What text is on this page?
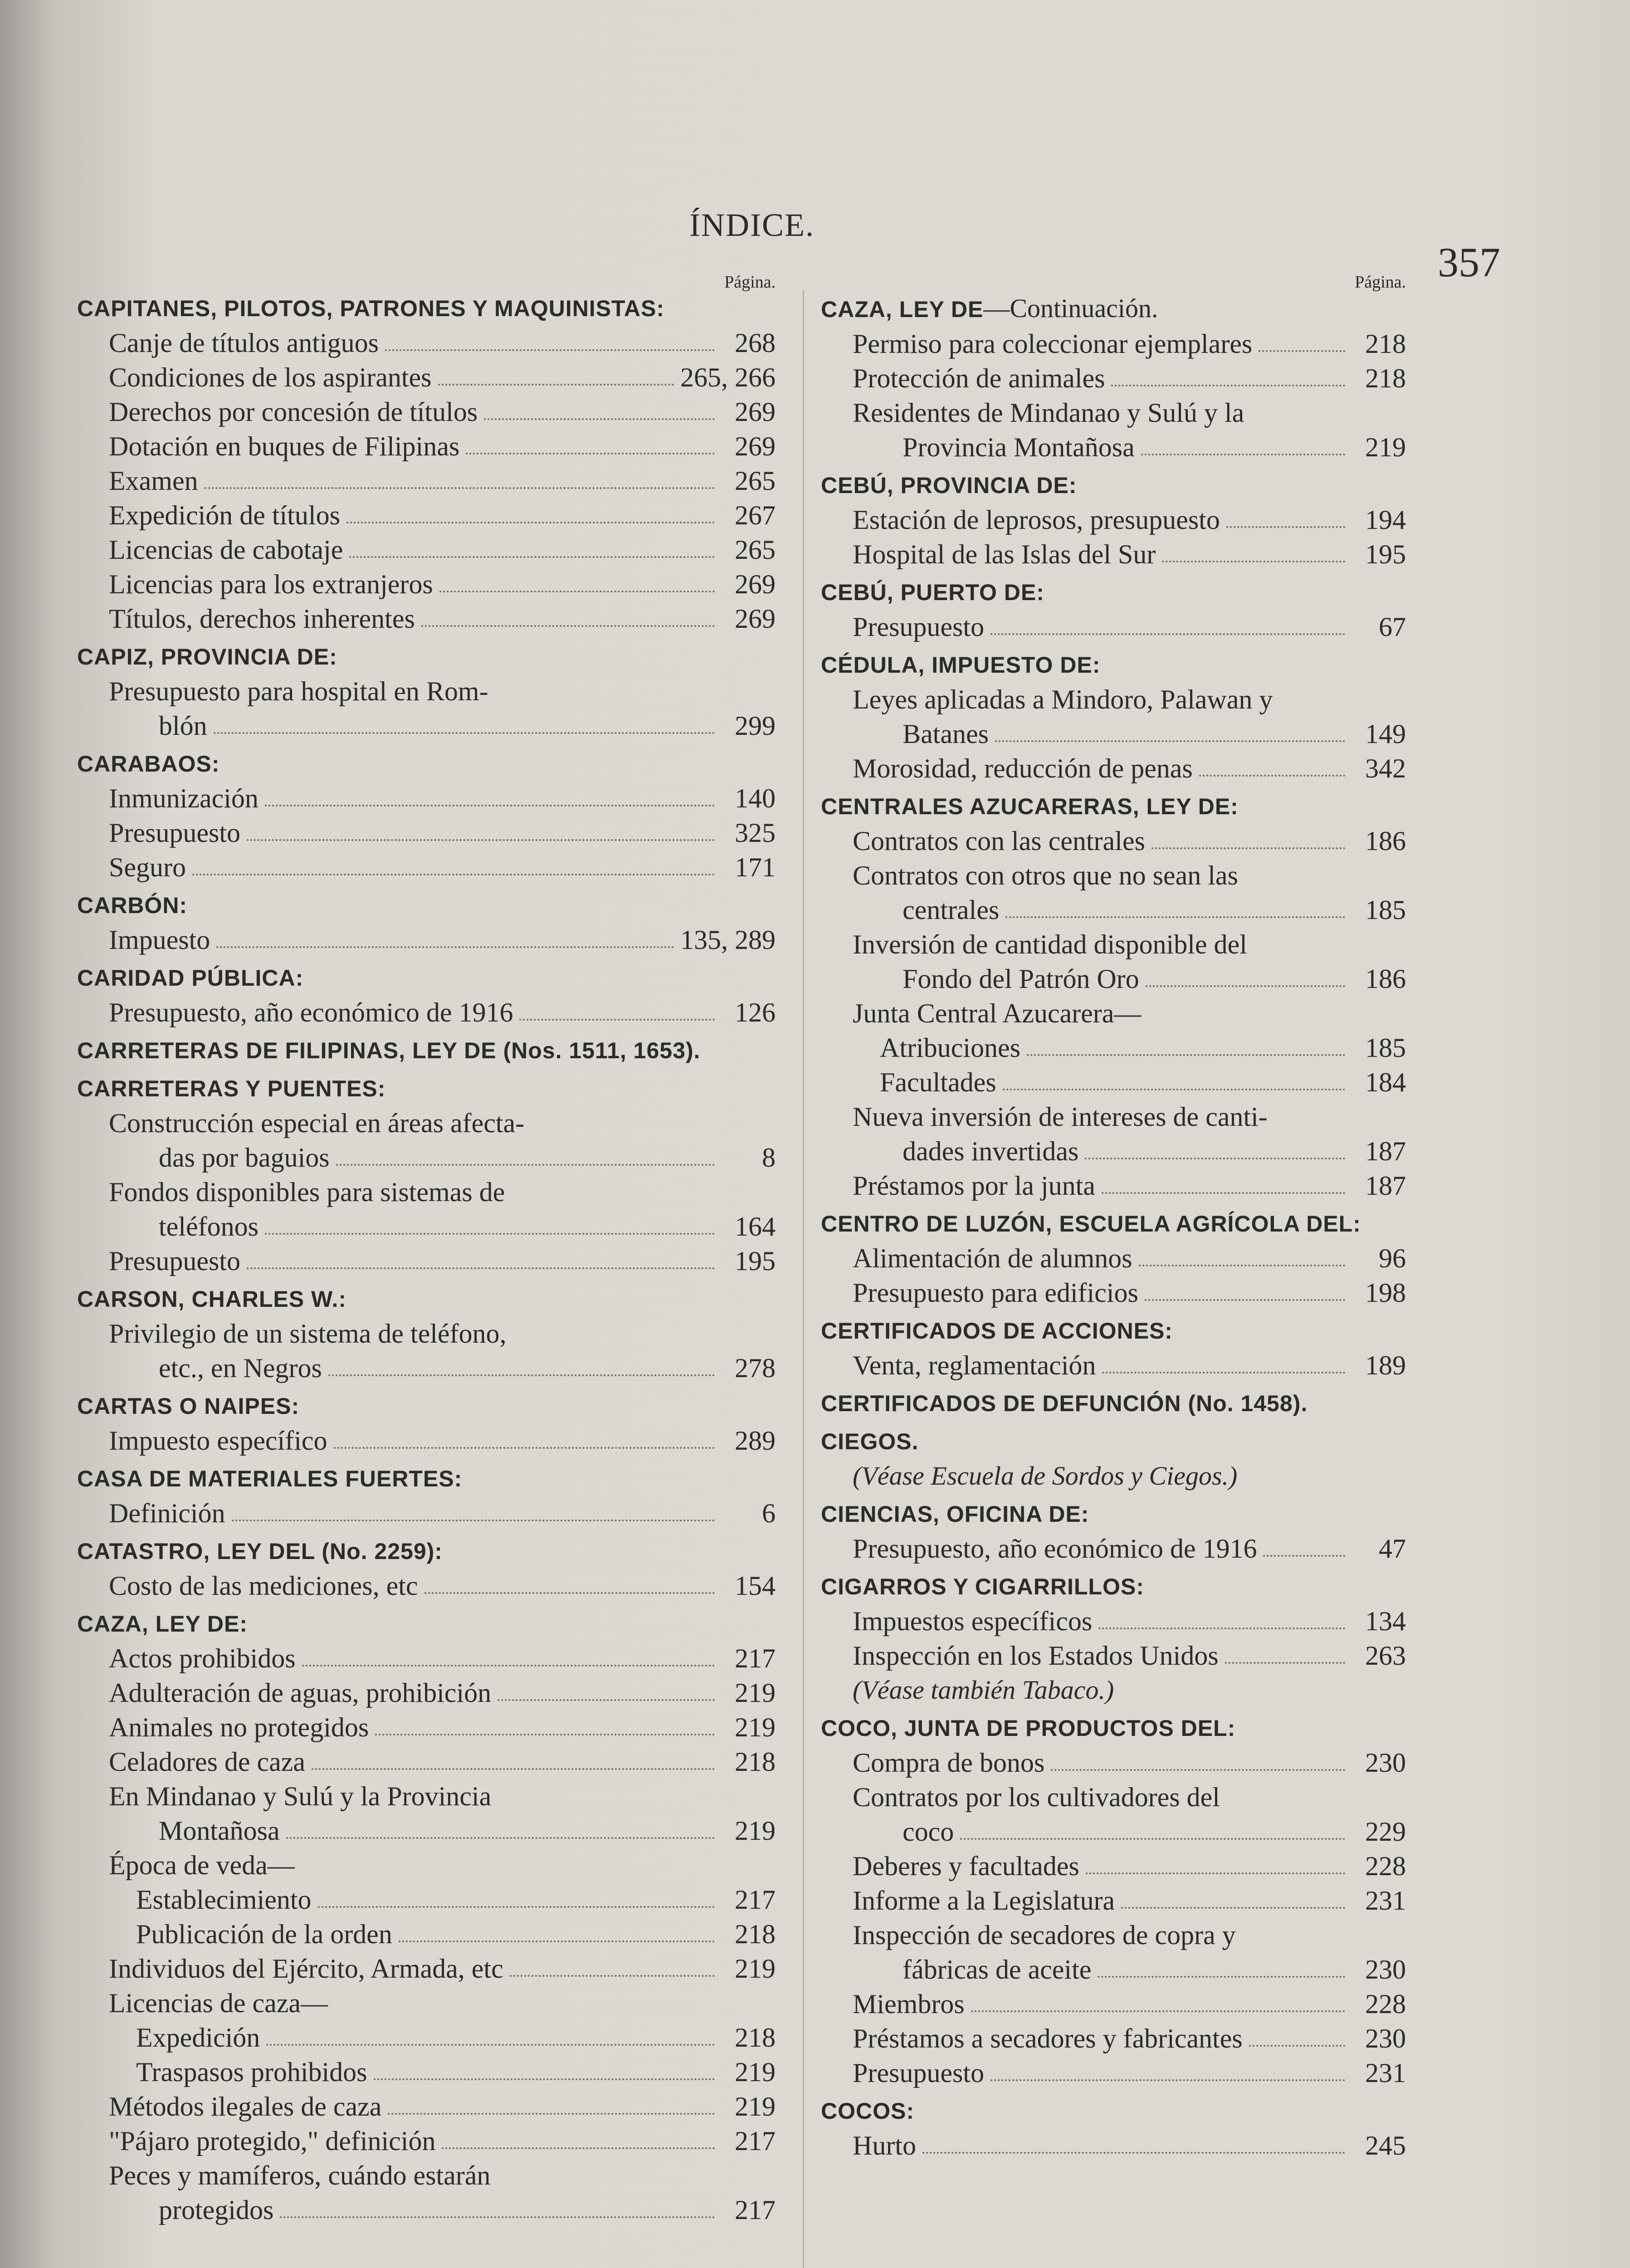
ÍNDICE.
357
Página.
CAPITANES, PILOTOS, PATRONES Y MAQUINISTAS:
Canje de títulos antiguos	268
Condiciones de los aspirantes	265, 266
Derechos por concesión de títulos	269
Dotación en buques de Filipinas	269
Examen	265
Expedición de títulos	267
Licencias de cabotaje	265
Licencias para los extranjeros	269
Títulos, derechos inherentes	269
CAPIZ, PROVINCIA DE:
Presupuesto para hospital en Rom-
blón	299
CARABAOS:
Inmunización	140
Presupuesto	325
Seguro	171
CARBÓN:
Impuesto	135, 289
CARIDAD PÚBLICA:
Presupuesto, año económico de 1916	126
CARRETERAS DE FILIPINAS, LEY DE (Nos. 1511, 1653).
CARRETERAS Y PUENTES:
Construcción especial en áreas afecta-
das por baguios	8
Fondos disponibles para sistemas de
teléfonos	164
Presupuesto	195
CARSON, CHARLES W.:
Privilegio de un sistema de teléfono,
etc., en Negros	278
CARTAS O NAIPES:
Impuesto específico	289
CASA DE MATERIALES FUERTES:
Definición	6
CATASTRO, LEY DEL (No. 2259):
Costo de las mediciones, etc	154
CAZA, LEY DE:
Actos prohibidos	217
Adulteración de aguas, prohibición	219
Animales no protegidos	219
Celadores de caza	218
En Mindanao y Sulú y la Provincia
Montañosa	219
Época de veda—
Establecimiento	217
Publicación de la orden	218
Individuos del Ejército, Armada, etc	219
Licencias de caza—
Expedición	218
Traspasos prohibidos	219
Métodos ilegales de caza	219
"Pájaro protegido," definición	217
Peces y mamíferos, cuándo estarán
protegidos	217
Página.
CAZA, LEY DE—Continuación.
Permiso para coleccionar ejemplares	218
Protección de animales	218
Residentes de Mindanao y Sulú y la
Provincia Montañosa	219
CEBÚ, PROVINCIA DE:
Estación de leprosos, presupuesto	194
Hospital de las Islas del Sur	195
CEBÚ, PUERTO DE:
Presupuesto	67
CÉDULA, IMPUESTO DE:
Leyes aplicadas a Mindoro, Palawan y
Batanes	149
Morosidad, reducción de penas	342
CENTRALES AZUCARERAS, LEY DE:
Contratos con las centrales	186
Contratos con otros que no sean las
centrales	185
Inversión de cantidad disponible del
Fondo del Patrón Oro	186
Junta Central Azucarera—
Atribuciones	185
Facultades	184
Nueva inversión de intereses de canti-
dades invertidas	187
Préstamos por la junta	187
CENTRO DE LUZÓN, ESCUELA AGRÍCOLA DEL:
Alimentación de alumnos	96
Presupuesto para edificios	198
CERTIFICADOS DE ACCIONES:
Venta, reglamentación	189
CERTIFICADOS DE DEFUNCIÓN (No. 1458).
CIEGOS.
(Véase Escuela de Sordos y Ciegos.)
CIENCIAS, OFICINA DE:
Presupuesto, año económico de 1916	47
CIGARROS Y CIGARRILLOS:
Impuestos específicos	134
Inspección en los Estados Unidos	263
(Véase también Tabaco.)
COCO, JUNTA DE PRODUCTOS DEL:
Compra de bonos	230
Contratos por los cultivadores del
coco	229
Deberes y facultades	228
Informe a la Legislatura	231
Inspección de secadores de copra y
fábricas de aceite	230
Miembros	228
Préstamos a secadores y fabricantes	230
Presupuesto	231
COCOS:
Hurto	245
